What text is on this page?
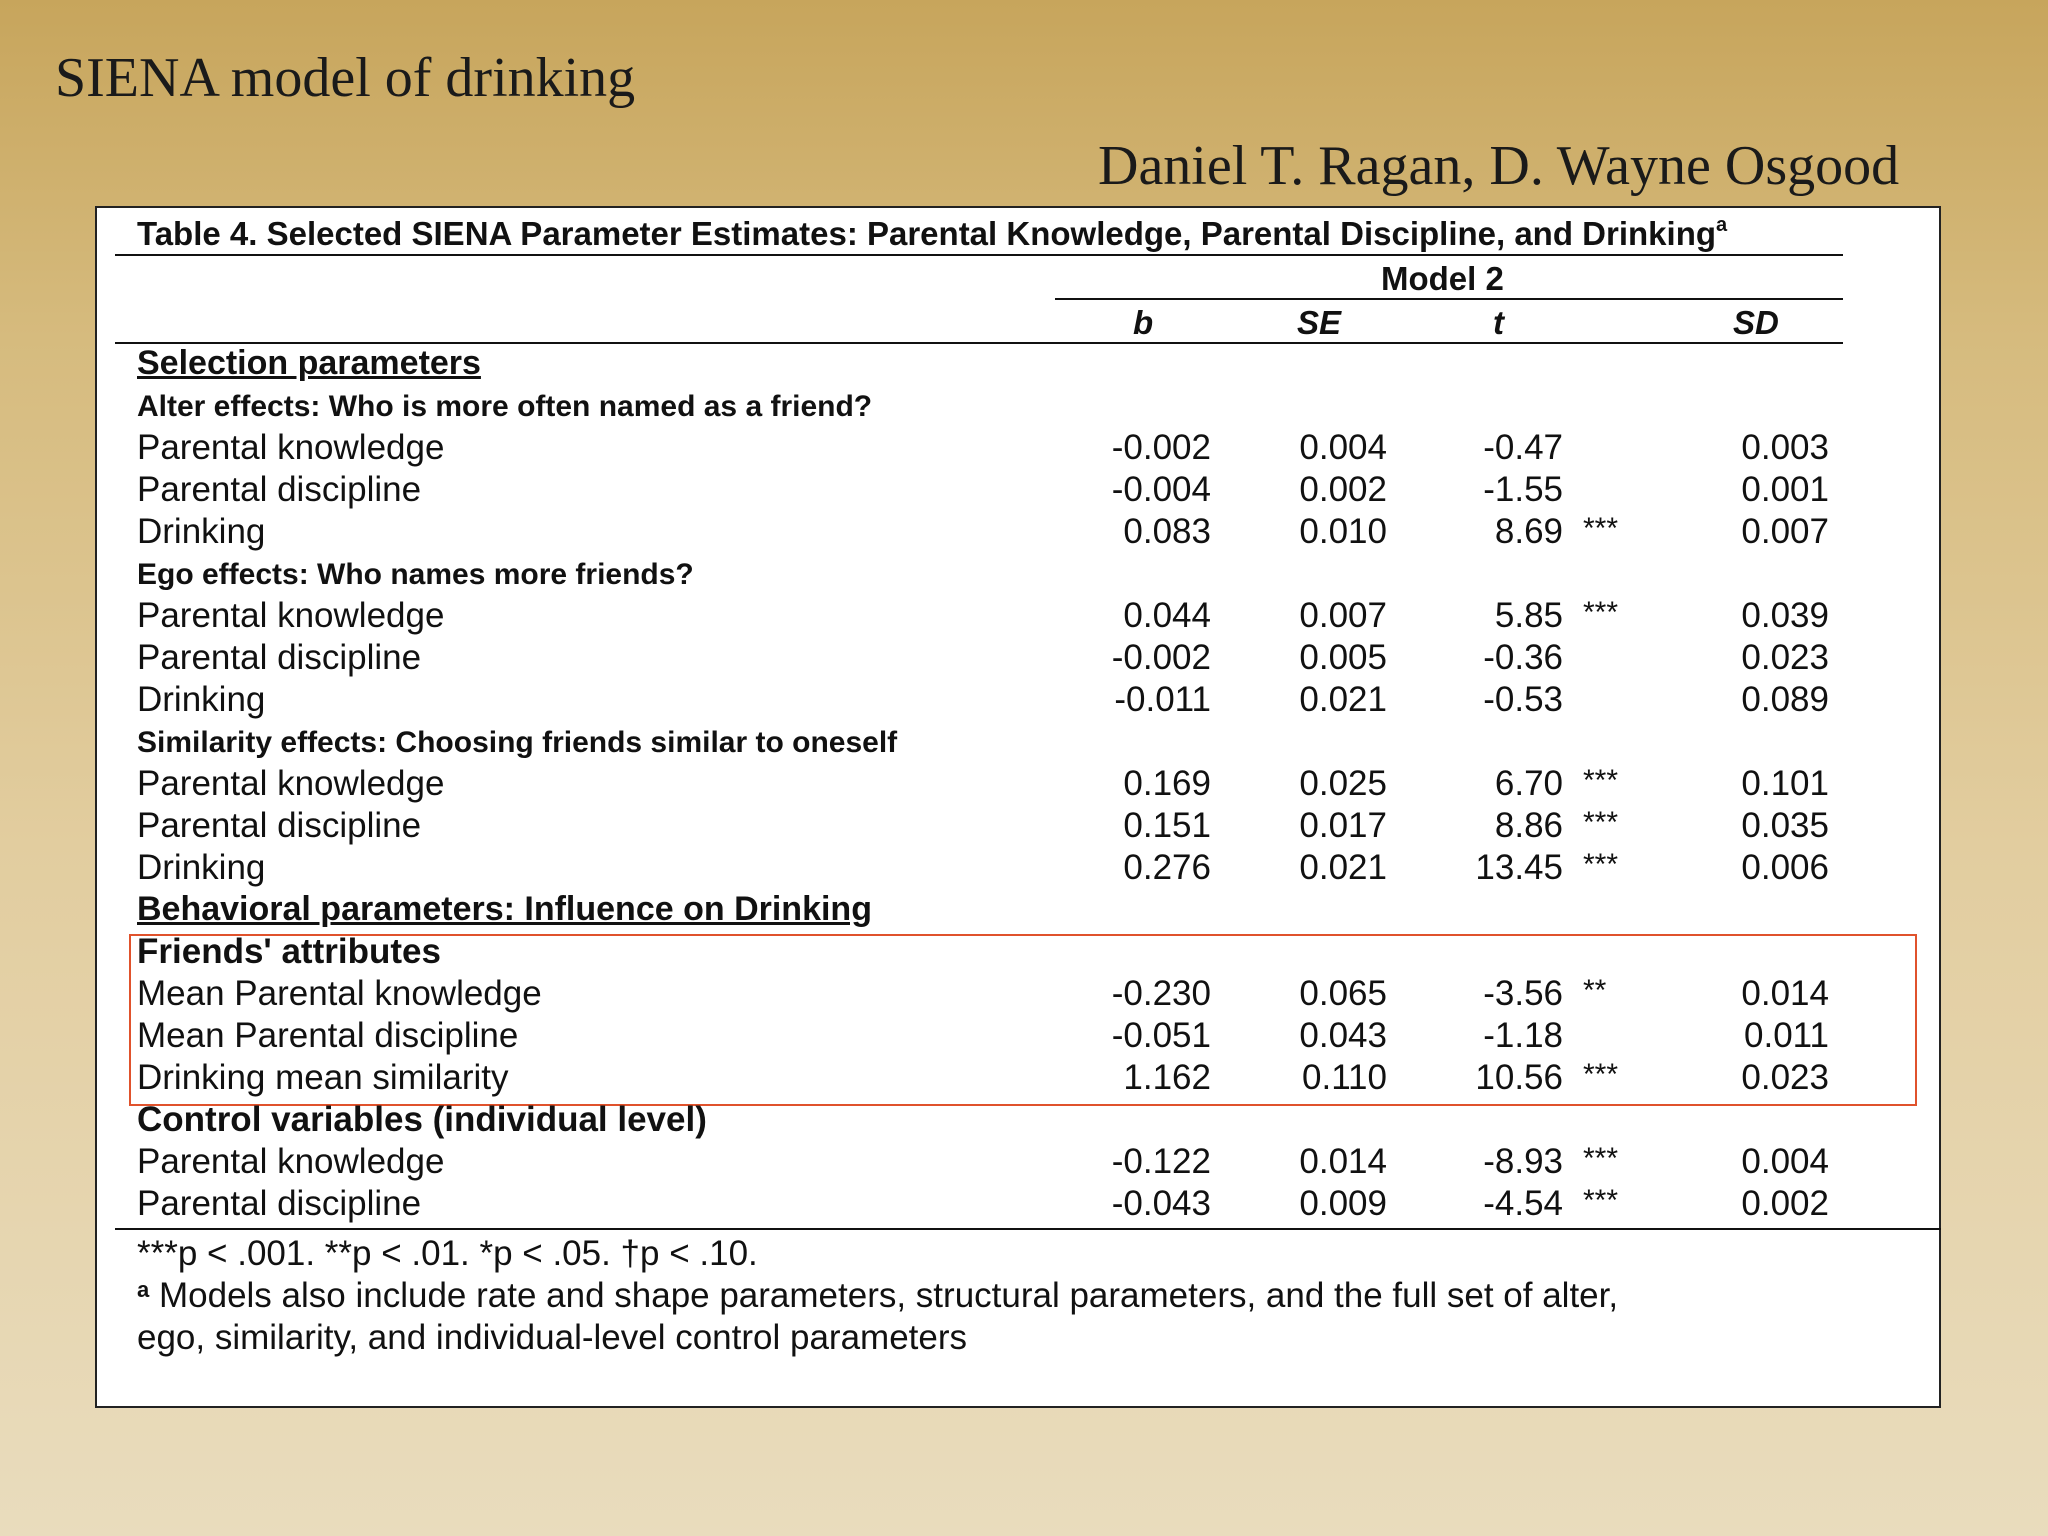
SIENA model of drinking
Daniel T. Ragan, D. Wayne Osgood
Table 4. Selected SIENA Parameter Estimates: Parental Knowledge, Parental Discipline, and Drinking$^a$
Model 2
b	SE	t	SD
Selection parameters
Alter effects: Who is more often named as a friend?
Parental knowledge	-0.002	0.004	-0.47	0.003
Parental discipline	-0.004	0.002	-1.55	0.001
Drinking	0.083	0.010	8.69 ***	0.007
Ego effects: Who names more friends?
Parental knowledge	0.044	0.007	5.85 ***	0.039
Parental discipline	-0.002	0.005	-0.36	0.023
Drinking	-0.011	0.021	-0.53	0.089
Similarity effects: Choosing friends similar to oneself
Parental knowledge	0.169	0.025	6.70 ***	0.101
Parental discipline	0.151	0.017	8.86 ***	0.035
Drinking	0.276	0.021	13.45 ***	0.006
Behavioral parameters: Influence on Drinking
Friends' attributes
Mean Parental knowledge	-0.230	0.065	-3.56 **	0.014
Mean Parental discipline	-0.051	0.043	-1.18	0.011
Drinking mean similarity	1.162	0.110	10.56 ***	0.023
Control variables (individual level)
Parental knowledge	-0.122	0.014	-8.93 ***	0.004
Parental discipline	-0.043	0.009	-4.54 ***	0.002
***p < .001. **p < .01. *p < .05. †p < .10.
$^a$ Models also include rate and shape parameters, structural parameters, and the full set of alter,
ego, similarity, and individual-level control parameters
